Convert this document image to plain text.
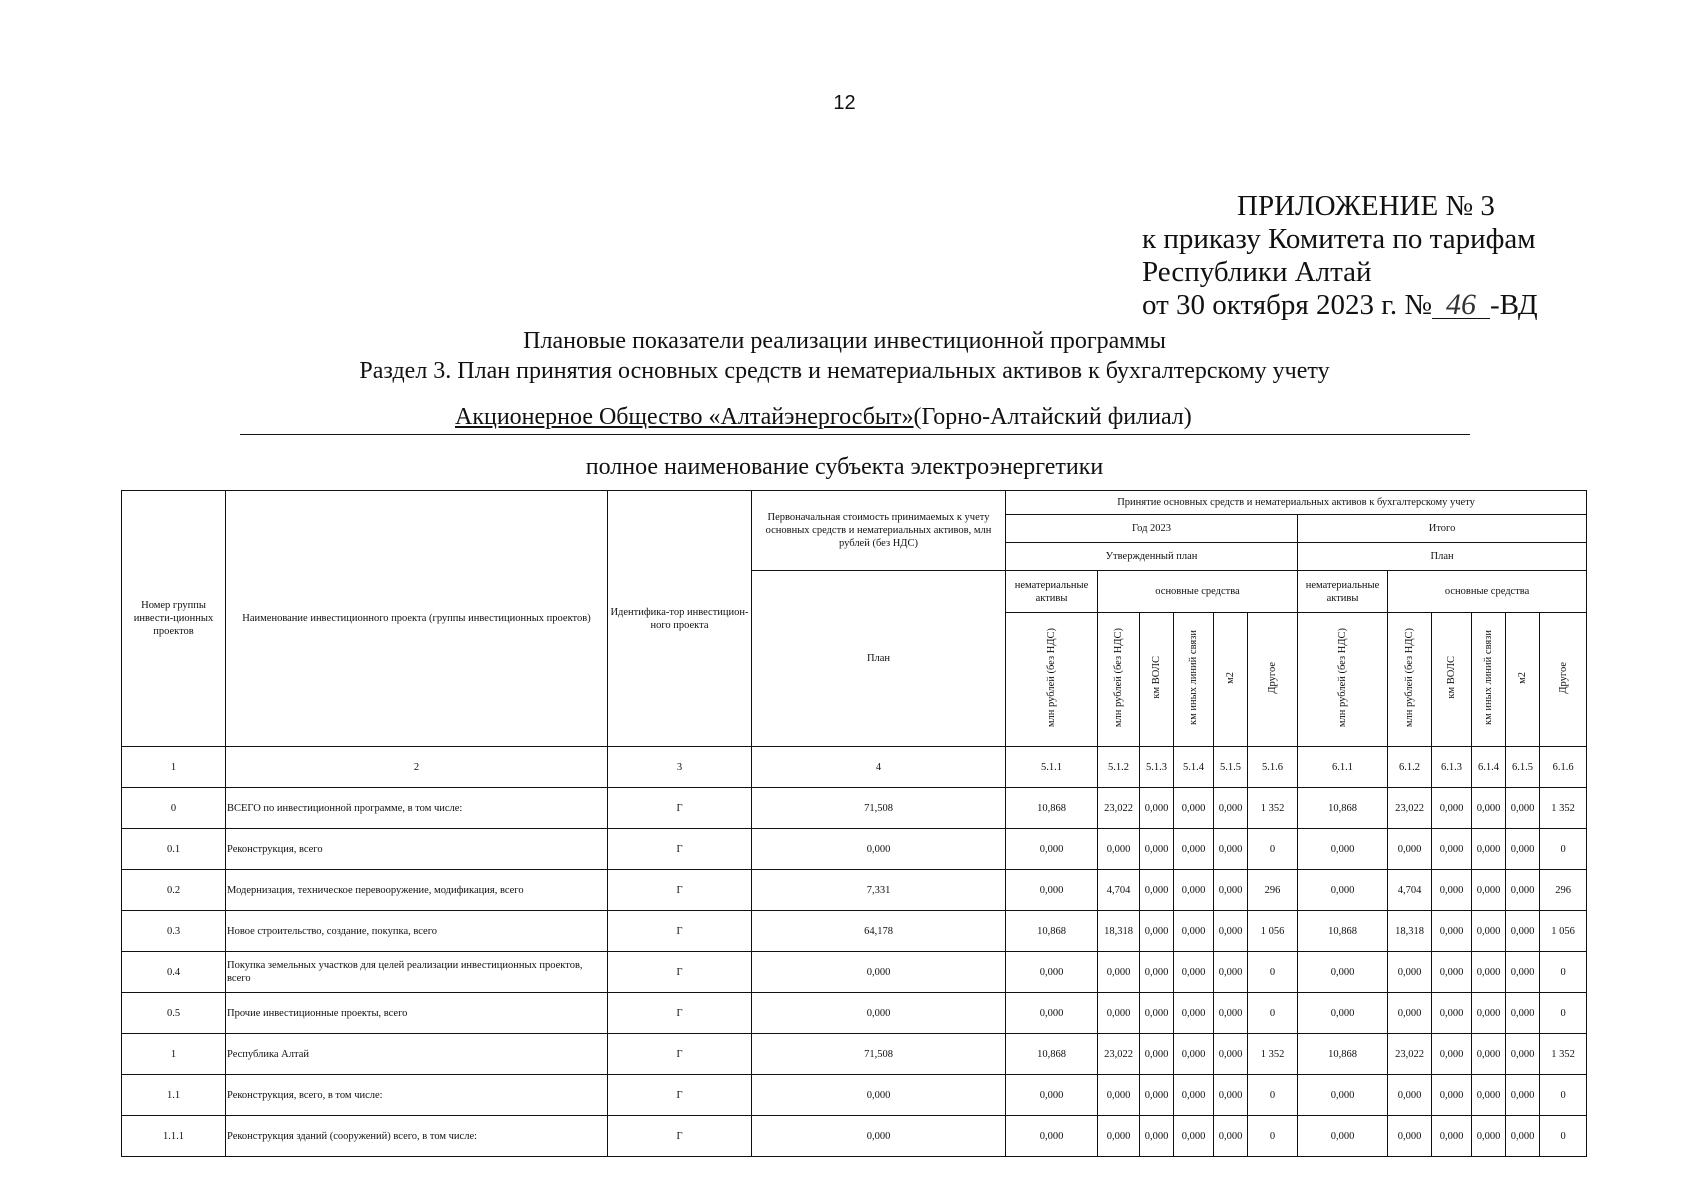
12
ПРИЛОЖЕНИЕ № 3
к приказу Комитета по тарифам
Республики Алтай
от 30 октября 2023 г. № 46 -ВД
Плановые показатели реализации инвестиционной программы
Раздел 3. План принятия основных средств и нематериальных активов к бухгалтерскому учету
Акционерное Общество «Алтайэнергосбыт»(Горно-Алтайский филиал)
полное наименование субъекта электроэнергетики
Номер группы инвести-ционных проектов	Наименование инвестиционного проекта (группы инвестиционных проектов)	Идентифика-тор инвестицион-ного проекта	Первоначальная стоимость принимаемых к учету основных средств и нематериальных активов, млн рублей (без НДС)	Принятие основных средств и нематериальных активов к бухгалтерскому учету											
				Год 2023						Итого					
				Утвержденный план						План					
			План	нематериальные активы	основные средства					нематериальные активы	основные средства				
				млн рублей (без НДС)	млн рублей (без НДС)	км ВОЛС	км иных линий связи	м2	Другое	млн рублей (без НДС)	млн рублей (без НДС)	км ВОЛС	км иных линий связи	м2	Другое
1	2	3	4	5.1.1	5.1.2	5.1.3	5.1.4	5.1.5	5.1.6	6.1.1	6.1.2	6.1.3	6.1.4	6.1.5	6.1.6
0	ВСЕГО по инвестиционной программе, в том числе:	Г	71,508	10,868	23,022	0,000	0,000	0,000	1 352	10,868	23,022	0,000	0,000	0,000	1 352
0.1	Реконструкция, всего	Г	0,000	0,000	0,000	0,000	0,000	0,000	0	0,000	0,000	0,000	0,000	0,000	0
0.2	Модернизация, техническое перевооружение, модификация, всего	Г	7,331	0,000	4,704	0,000	0,000	0,000	296	0,000	4,704	0,000	0,000	0,000	296
0.3	Новое строительство, создание, покупка, всего	Г	64,178	10,868	18,318	0,000	0,000	0,000	1 056	10,868	18,318	0,000	0,000	0,000	1 056
0.4	Покупка земельных участков для целей реализации инвестиционных проектов, всего	Г	0,000	0,000	0,000	0,000	0,000	0,000	0	0,000	0,000	0,000	0,000	0,000	0
0.5	Прочие инвестиционные проекты, всего	Г	0,000	0,000	0,000	0,000	0,000	0,000	0	0,000	0,000	0,000	0,000	0,000	0
1	Республика Алтай	Г	71,508	10,868	23,022	0,000	0,000	0,000	1 352	10,868	23,022	0,000	0,000	0,000	1 352
1.1	Реконструкция, всего, в том числе:	Г	0,000	0,000	0,000	0,000	0,000	0,000	0	0,000	0,000	0,000	0,000	0,000	0
1.1.1	Реконструкция зданий (сооружений) всего, в том числе:	Г	0,000	0,000	0,000	0,000	0,000	0,000	0	0,000	0,000	0,000	0,000	0,000	0
